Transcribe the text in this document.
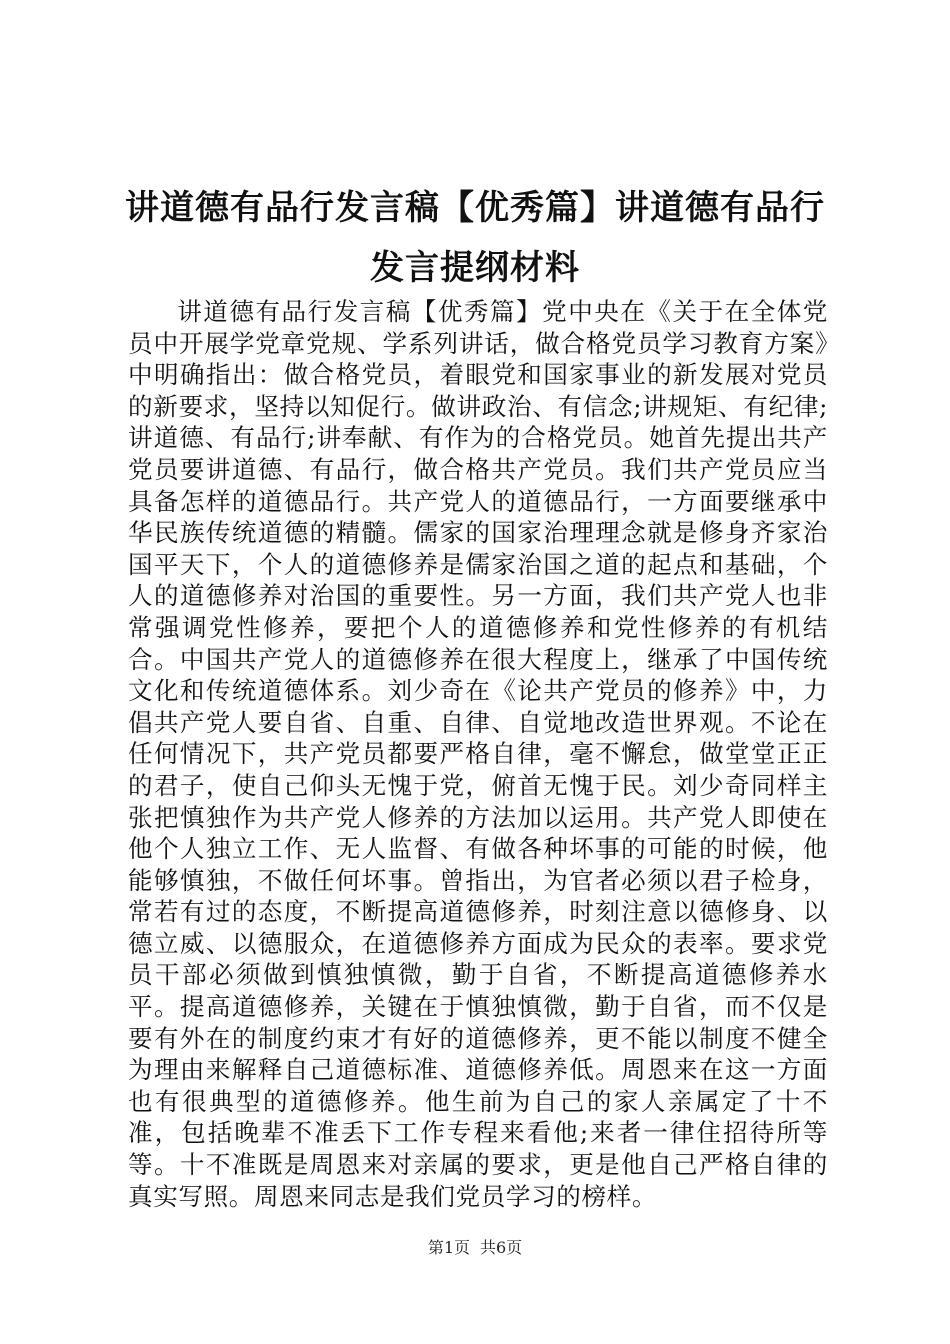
讲道德有品行发言稿【优秀篇】讲道德有品行发言提纲材料

讲道德有品行发言稿【优秀篇】党中央在《关于在全体党员中开展学党章党规、学系列讲话，做合格党员学习教育方案》中明确指出：做合格党员，着眼党和国家事业的新发展对党员的新要求，坚持以知促行。做讲政治、有信念;讲规矩、有纪律;讲道德、有品行;讲奉献、有作为的合格党员。她首先提出共产党员要讲道德、有品行，做合格共产党员。我们共产党员应当具备怎样的道德品行。共产党人的道德品行，一方面要继承中华民族传统道德的精髓。儒家的国家治理理念就是修身齐家治国平天下，个人的道德修养是儒家治国之道的起点和基础，个人的道德修养对治国的重要性。另一方面，我们共产党人也非常强调党性修养，要把个人的道德修养和党性修养的有机结合。中国共产党人的道德修养在很大程度上，继承了中国传统文化和传统道德体系。刘少奇在《论共产党员的修养》中，力倡共产党人要自省、自重、自律、自觉地改造世界观。不论在任何情况下，共产党员都要严格自律，毫不懈怠，做堂堂正正的君子，使自己仰头无愧于党，俯首无愧于民。刘少奇同样主张把慎独作为共产党人修养的方法加以运用。共产党人即使在他个人独立工作、无人监督、有做各种坏事的可能的时候，他能够慎独，不做任何坏事。曾指出，为官者必须以君子检身，常若有过的态度，不断提高道德修养，时刻注意以德修身、以德立威、以德服众，在道德修养方面成为民众的表率。要求党员干部必须做到慎独慎微，勤于自省，不断提高道德修养水平。提高道德修养，关键在于慎独慎微，勤于自省，而不仅是要有外在的制度约束才有好的道德修养，更不能以制度不健全为理由来解释自己道德标准、道德修养低。周恩来在这一方面也有很典型的道德修养。他生前为自己的家人亲属定了十不准，包括晚辈不准丢下工作专程来看他;来者一律住招待所等等。十不准既是周恩来对亲属的要求，更是他自己严格自律的真实写照。周恩来同志是我们党员学习的榜样。

第1页 共6页
